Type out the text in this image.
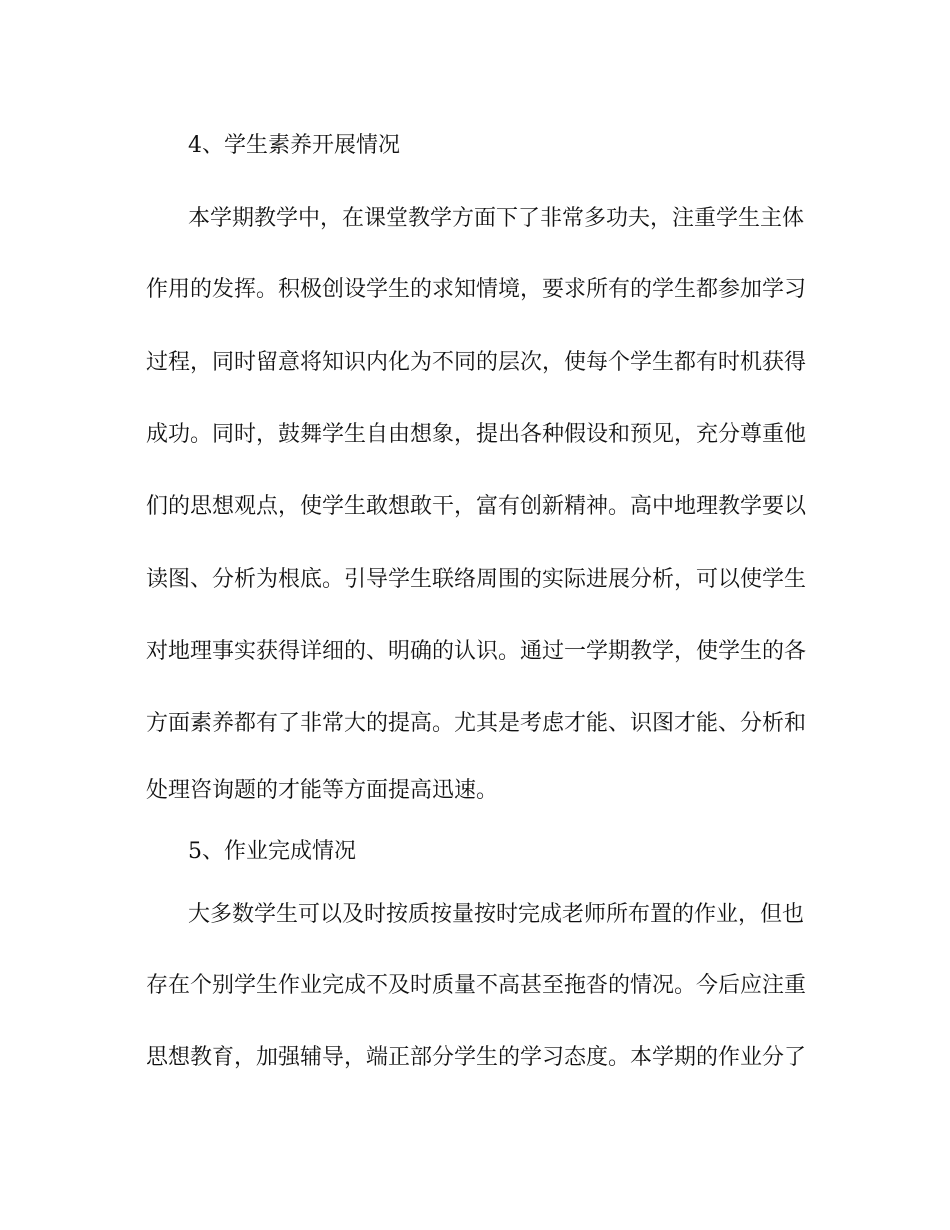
4、学生素养开展情况

本学期教学中，在课堂教学方面下了非常多功夫，注重学生主体

作用的发挥。积极创设学生的求知情境，要求所有的学生都参加学习

过程，同时留意将知识内化为不同的层次，使每个学生都有时机获得

成功。同时，鼓舞学生自由想象，提出各种假设和预见，充分尊重他

们的思想观点，使学生敢想敢干，富有创新精神。高中地理教学要以

读图、分析为根底。引导学生联络周围的实际进展分析，可以使学生

对地理事实获得详细的、明确的认识。通过一学期教学，使学生的各

方面素养都有了非常大的提高。尤其是考虑才能、识图才能、分析和

处理咨询题的才能等方面提高迅速。

5、作业完成情况

大多数学生可以及时按质按量按时完成老师所布置的作业，但也

存在个别学生作业完成不及时质量不高甚至拖沓的情况。今后应注重

思想教育，加强辅导，端正部分学生的学习态度。本学期的作业分了
